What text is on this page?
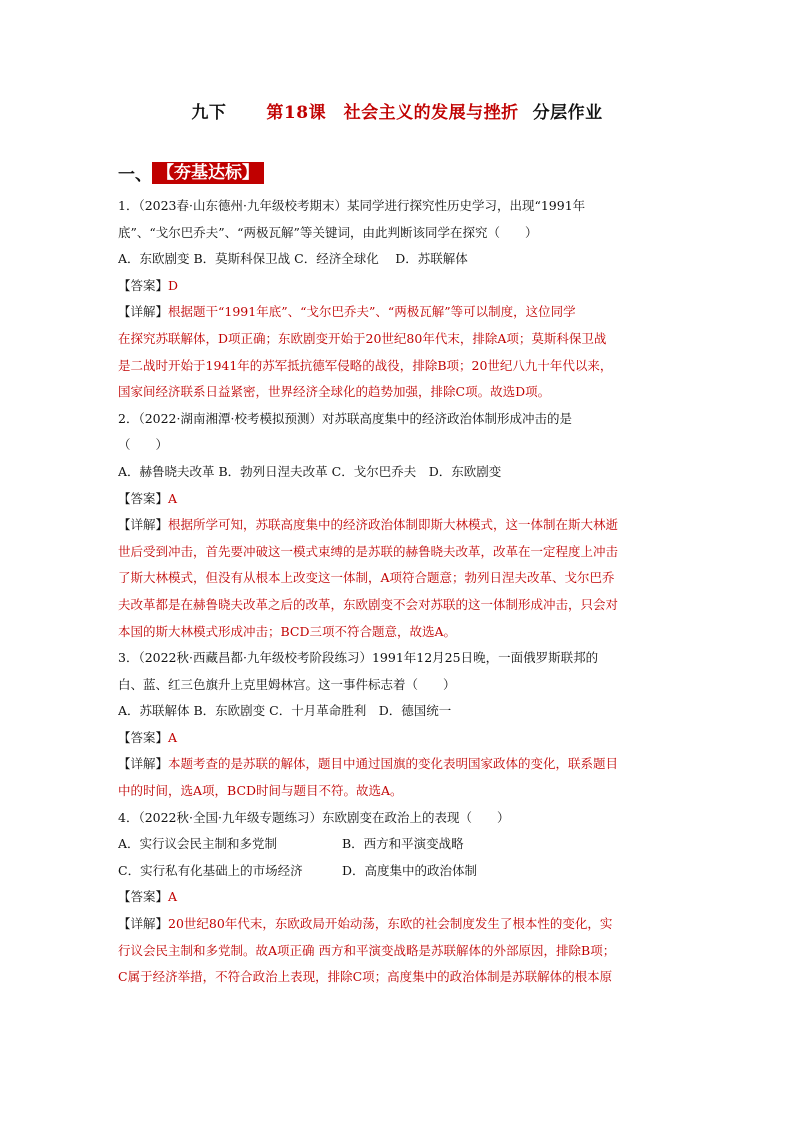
九下 第18课　社会主义的发展与挫折 分层作业
一、 【夯基达标】
1．（2023春·山东德州·九年级校考期末）某同学进行探究性历史学习，出现“1991年
底”、“戈尔巴乔夫”、“两极瓦解”等关键词，由此判断该同学在探究（　　）
A．东欧剧变 B．莫斯科保卫战 C．经济全球化　 D．苏联解体
【答案】D
【详解】根据题干“1991年底”、“戈尔巴乔夫”、“两极瓦解”等可以制度，这位同学
在探究苏联解体，D项正确；东欧剧变开始于20世纪80年代末，排除A项；莫斯科保卫战
是二战时开始于1941年的苏军抵抗德军侵略的战役，排除B项；20世纪八九十年代以来，
国家间经济联系日益紧密，世界经济全球化的趋势加强，排除C项。故选D项。
2．（2022·湖南湘潭·校考模拟预测）对苏联高度集中的经济政治体制形成冲击的是
（　　）
A．赫鲁晓夫改革 B．勃列日涅夫改革 C．戈尔巴乔夫　D．东欧剧变
【答案】A
【详解】根据所学可知，苏联高度集中的经济政治体制即斯大林模式，这一体制在斯大林逝
世后受到冲击，首先要冲破这一模式束缚的是苏联的赫鲁晓夫改革，改革在一定程度上冲击
了斯大林模式，但没有从根本上改变这一体制，A项符合题意；勃列日涅夫改革、戈尔巴乔
夫改革都是在赫鲁晓夫改革之后的改革，东欧剧变不会对苏联的这一体制形成冲击，只会对
本国的斯大林模式形成冲击；BCD三项不符合题意，故选A。
3．（2022秋·西藏昌都·九年级校考阶段练习）1991年12月25日晚，一面俄罗斯联邦的
白、蓝、红三色旗升上克里姆林宫。这一事件标志着（　　）
A．苏联解体 B．东欧剧变 C．十月革命胜利　D．德国统一
【答案】A
【详解】本题考查的是苏联的解体，题目中通过国旗的变化表明国家政体的变化，联系题目
中的时间，选A项，BCD时间与题目不符。故选A。
4．（2022秋·全国·九年级专题练习）东欧剧变在政治上的表现（　　）
A．实行议会民主制和多党制	B．西方和平演变战略
C．实行私有化基础上的市场经济	D．高度集中的政治体制
【答案】A
【详解】20世纪80年代末，东欧政局开始动荡，东欧的社会制度发生了根本性的变化，实
行议会民主制和多党制。故A项正确 西方和平演变战略是苏联解体的外部原因，排除B项；
C属于经济举措，不符合政治上表现，排除C项；高度集中的政治体制是苏联解体的根本原
